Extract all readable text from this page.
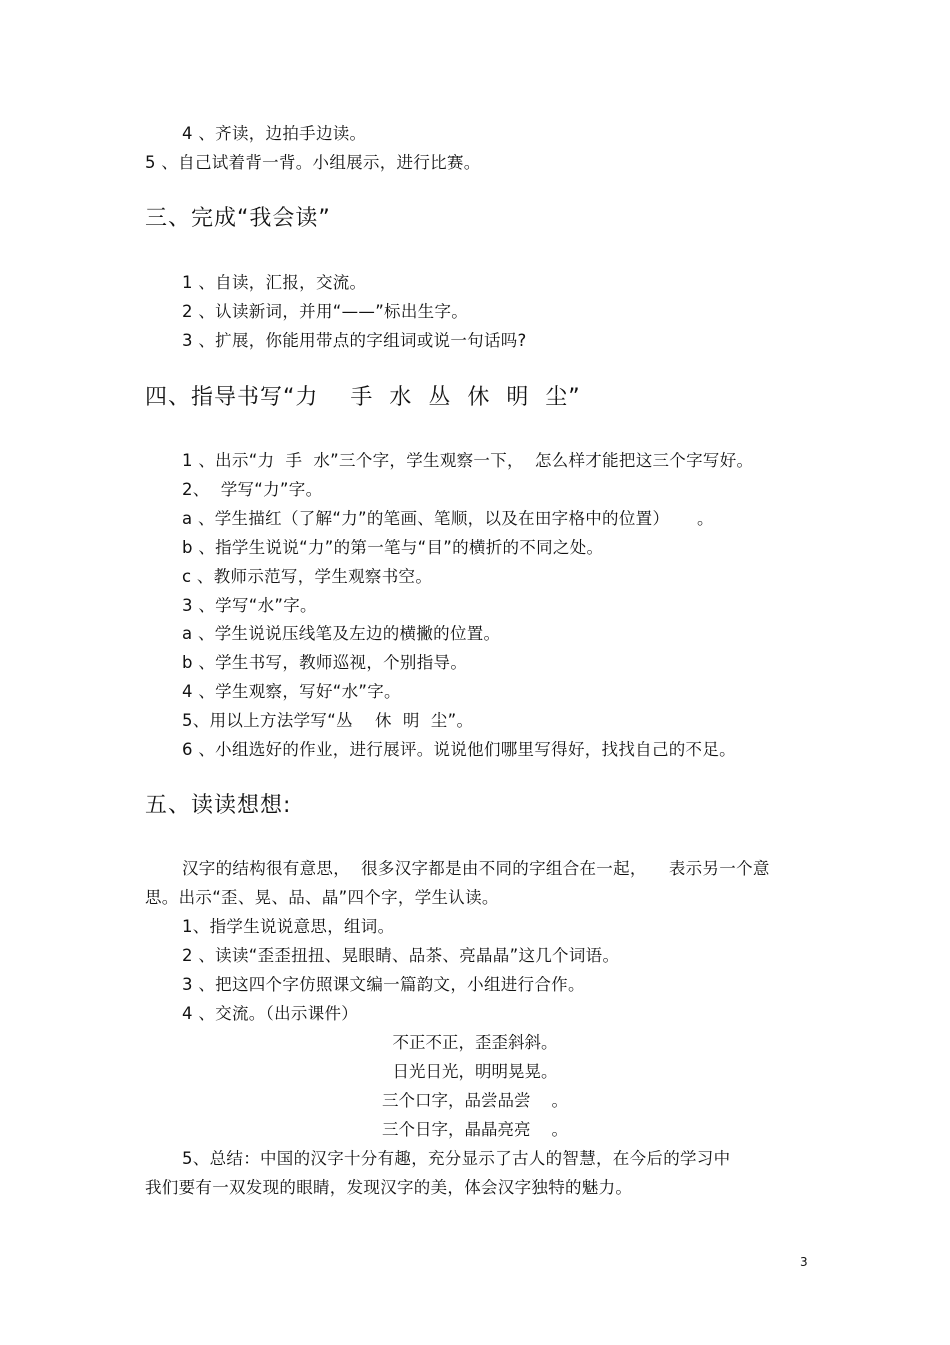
4 、齐读，边拍手边读。
5 、自己试着背一背。小组展示，进行比赛。
三、完成“我会读”
1 、自读，汇报，交流。
2 、认读新词，并用“——”标出生字。
3 、扩展，你能用带点的字组词或说一句话吗?
四、指导书写“力    手  水  丛  休  明  尘”
1 、出示“力  手  水”三个字，学生观察一下，  怎么样才能把这三个字写好。
2、  学写“力”字。
a 、学生描红（了解“力”的笔画、笔顺，以及在田字格中的位置）     。
b 、指学生说说“力”的第一笔与“目”的横折的不同之处。
c 、教师示范写，学生观察书空。
3 、学写“水”字。
a 、学生说说压线笔及左边的横撇的位置。
b 、学生书写，教师巡视，个别指导。
4 、学生观察，写好“水”字。
5、用以上方法学写“丛    休  明  尘”。
6 、小组选好的作业，进行展评。说说他们哪里写得好，找找自己的不足。
五、读读想想:
汉字的结构很有意思，  很多汉字都是由不同的字组合在一起，    表示另一个意
思。出示“歪、晃、品、晶”四个字，学生认读。
1、指学生说说意思，组词。
2 、读读“歪歪扭扭、晃眼睛、品茶、亮晶晶”这几个词语。
3 、把这四个字仿照课文编一篇韵文，小组进行合作。
4 、交流。（出示课件）
不正不正，歪歪斜斜。
日光日光，明明晃晃。
三个口字，品尝品尝    。
三个日字，晶晶亮亮    。
5、总结：中国的汉字十分有趣，充分显示了古人的智慧，在今后的学习中
我们要有一双发现的眼睛，发现汉字的美，体会汉字独特的魅力。
3
